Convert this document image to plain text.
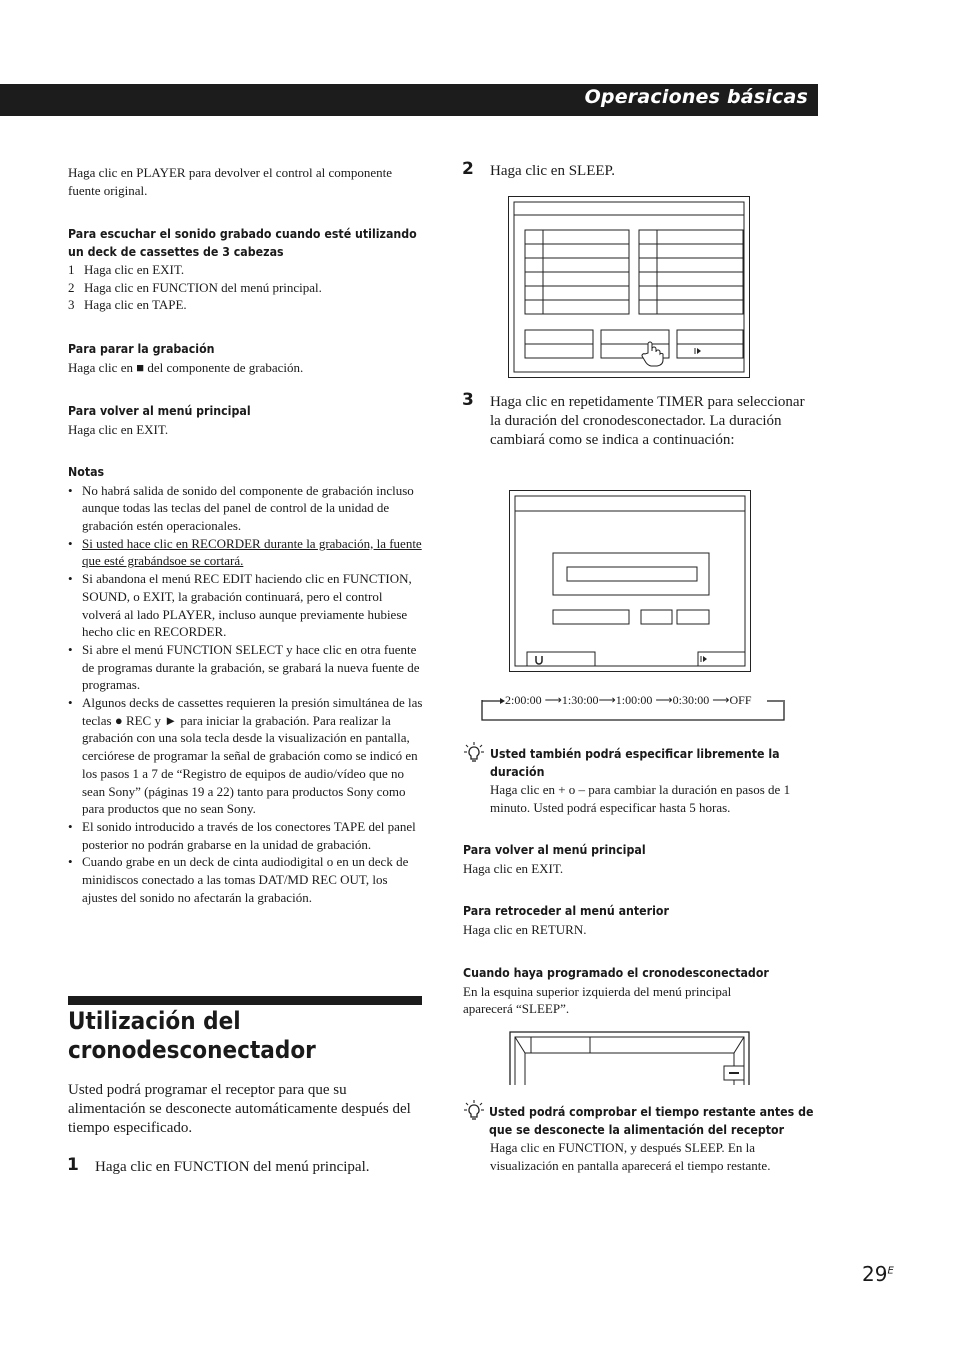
Operaciones básicas

Haga clic en PLAYER para devolver el control al componente fuente original.

Para escuchar el sonido grabado cuando esté utilizando

un deck de cassettes de 3 cabezas

1 Haga clic en EXIT.
2 Haga clic en FUNCTION del menú principal.
3 Haga clic en TAPE.

Para parar la grabación

Haga clic en ■ del componente de grabación.

Para volver al menú principal

Haga clic en EXIT.

Notas

• No habrá salida de sonido del componente de grabación incluso aunque todas las teclas del panel de control de la unidad de grabación estén operacionales.
• Si usted hace clic en RECORDER durante la grabación, la fuente que esté grabándsoe se cortará.
• Si abandona el menú REC EDIT haciendo clic en FUNCTION, SOUND, o EXIT, la grabación continuará, pero el control volverá al lado PLAYER, incluso aunque previamente hubiese hecho clic en RECORDER.
• Si abre el menú FUNCTION SELECT y hace clic en otra fuente de programas durante la grabación, se grabará la nueva fuente de programas.
• Algunos decks de cassettes requieren la presión simultánea de las teclas ● REC y ► para iniciar la grabación. Para realizar la grabación con una sola tecla desde la visualización en pantalla, cerciórese de programar la señal de grabación como se indicó en los pasos 1 a 7 de “Registro de equipos de audio/vídeo que no sean Sony” (páginas 19 a 22) tanto para productos Sony como para productos que no sean Sony.
• El sonido introducido a través de los conectores TAPE del panel posterior no podrán grabarse en la unidad de grabación.
• Cuando grabe en un deck de cinta audiodigital o en un deck de minidiscos conectado a las tomas DAT/MD REC OUT, los ajustes del sonido no afectarán la grabación.
Utilización del
cronodesconectador

Usted podrá programar el receptor para que su alimentación se desconecte automáticamente después del tiempo especificado.

1 Haga clic en FUNCTION del menú principal.

2 Haga clic en SLEEP.

3 Haga clic en repetidamente TIMER para seleccionar la duración del cronodesconectador. La duración cambiará como se indica a continuación:

2:00:00 ⟶1:30:00⟶1:00:00 ⟶0:30:00 ⟶OFF

Usted también podrá especificar libremente la

duración

Haga clic en + o – para cambiar la duración en pasos de 1 minuto. Usted podrá especificar hasta 5 horas.

Para volver al menú principal

Haga clic en EXIT.

Para retroceder al menú anterior

Haga clic en RETURN.

Cuando haya programado el cronodesconectador

En la esquina superior izquierda del menú principal aparecerá “SLEEP”.

Usted podrá comprobar el tiempo restante antes de

que se desconecte la alimentación del receptor

Haga clic en FUNCTION, y después SLEEP. En la visualización en pantalla aparecerá el tiempo restante.

$29^E$
